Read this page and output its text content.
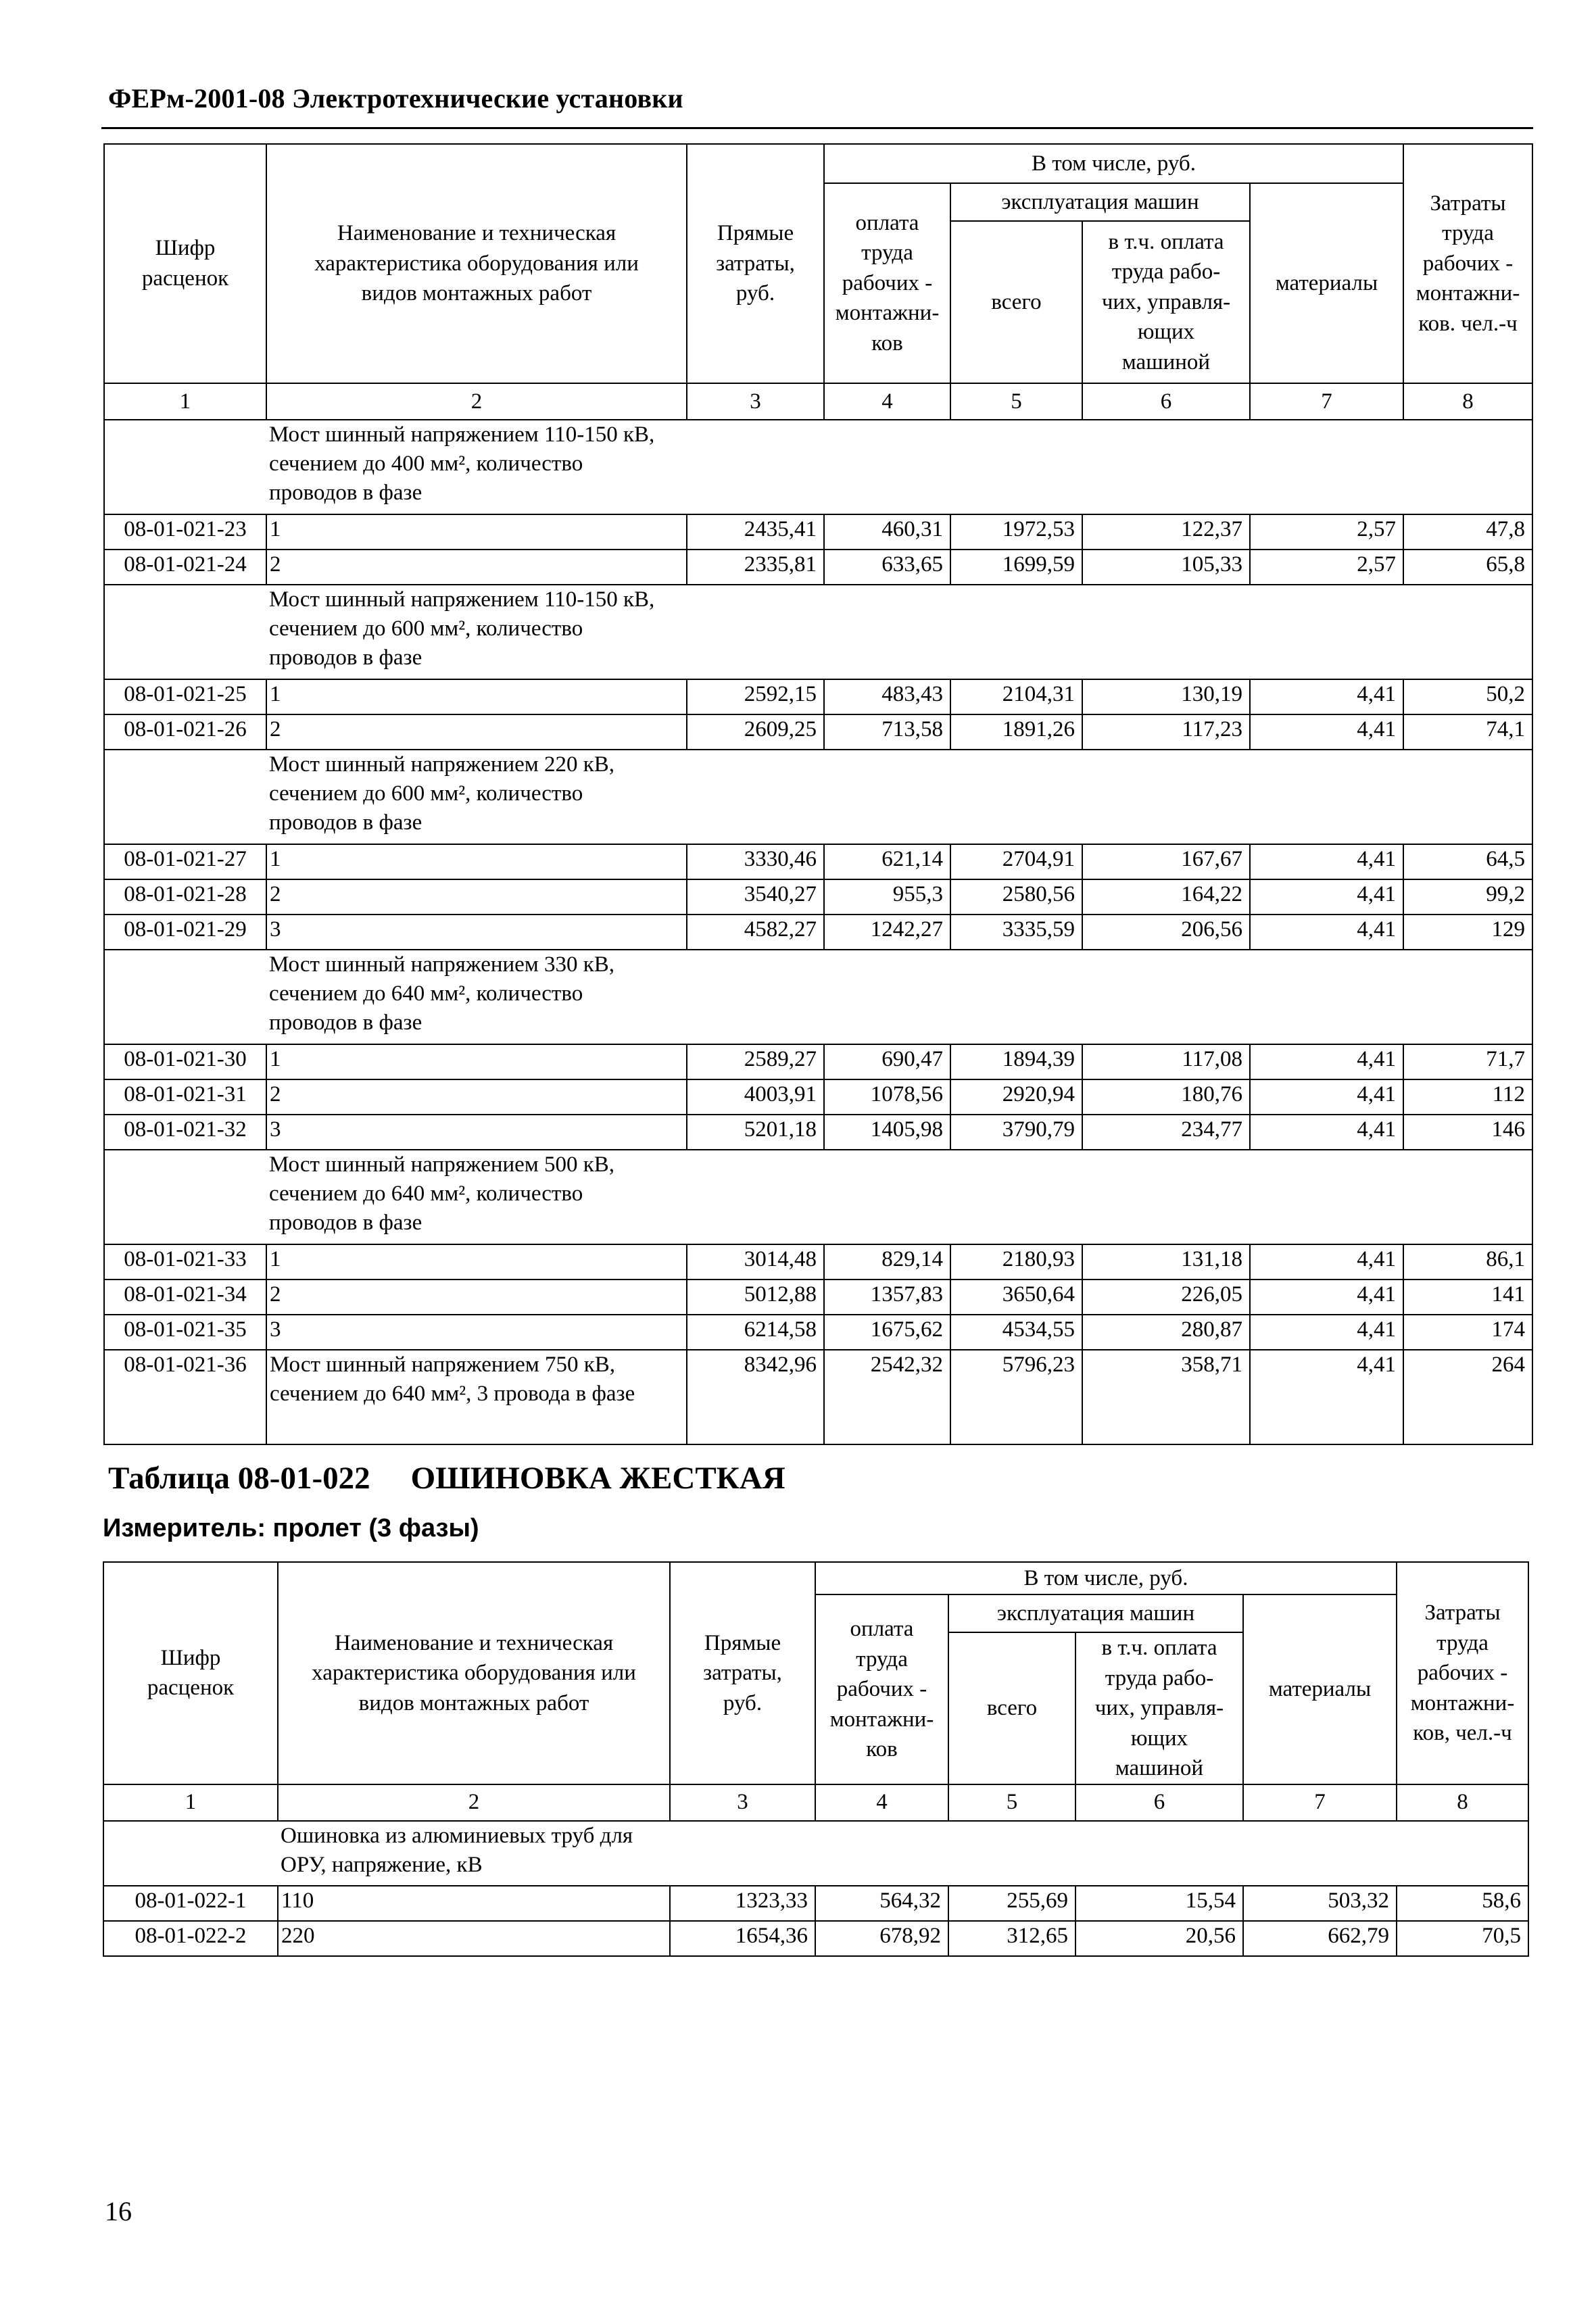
ФЕРм-2001-08 Электротехнические установки
Шифр расценок	Наименование и техническая характеристика оборудования или видов монтажных работ	Прямые затраты, руб.	В том числе, руб.				Затраты труда рабочих - монтажни-ков. чел.-ч
			оплата труда рабочих - монтажни-ков	эксплуатация машин		материалы	
				всего	в т.ч. оплата труда рабо-чих, управля-ющих машиной		
1	2	3	4	5	6	7	8
	Мост шинный напряжением 110-150 кВ, сечением до 400 мм², количество проводов в фазе						
08-01-021-23	1	2435,41	460,31	1972,53	122,37	2,57	47,8
08-01-021-24	2	2335,81	633,65	1699,59	105,33	2,57	65,8
	Мост шинный напряжением 110-150 кВ, сечением до 600 мм², количество проводов в фазе						
08-01-021-25	1	2592,15	483,43	2104,31	130,19	4,41	50,2
08-01-021-26	2	2609,25	713,58	1891,26	117,23	4,41	74,1
	Мост шинный напряжением 220 кВ, сечением до 600 мм², количество проводов в фазе						
08-01-021-27	1	3330,46	621,14	2704,91	167,67	4,41	64,5
08-01-021-28	2	3540,27	955,3	2580,56	164,22	4,41	99,2
08-01-021-29	3	4582,27	1242,27	3335,59	206,56	4,41	129
	Мост шинный напряжением 330 кВ, сечением до 640 мм², количество проводов в фазе						
08-01-021-30	1	2589,27	690,47	1894,39	117,08	4,41	71,7
08-01-021-31	2	4003,91	1078,56	2920,94	180,76	4,41	112
08-01-021-32	3	5201,18	1405,98	3790,79	234,77	4,41	146
	Мост шинный напряжением 500 кВ, сечением до 640 мм², количество проводов в фазе						
08-01-021-33	1	3014,48	829,14	2180,93	131,18	4,41	86,1
08-01-021-34	2	5012,88	1357,83	3650,64	226,05	4,41	141
08-01-021-35	3	6214,58	1675,62	4534,55	280,87	4,41	174
08-01-021-36	Мост шинный напряжением 750 кВ, сечением до 640 мм², 3 провода в фазе	8342,96	2542,32	5796,23	358,71	4,41	264
Таблица 08-01-022 ОШИНОВКА ЖЕСТКАЯ
Измеритель: пролет (3 фазы)
Шифр расценок	Наименование и техническая характеристика оборудования или видов монтажных работ	Прямые затраты, руб.	В том числе, руб.				Затраты труда рабочих - монтажни-ков, чел.-ч
			оплата труда рабочих - монтажни-ков	эксплуатация машин		материалы	
				всего	в т.ч. оплата труда рабо-чих, управля-ющих машиной		
1	2	3	4	5	6	7	8
	Ошиновка из алюминиевых труб для ОРУ, напряжение, кВ						
08-01-022-1	110	1323,33	564,32	255,69	15,54	503,32	58,6
08-01-022-2	220	1654,36	678,92	312,65	20,56	662,79	70,5
16
